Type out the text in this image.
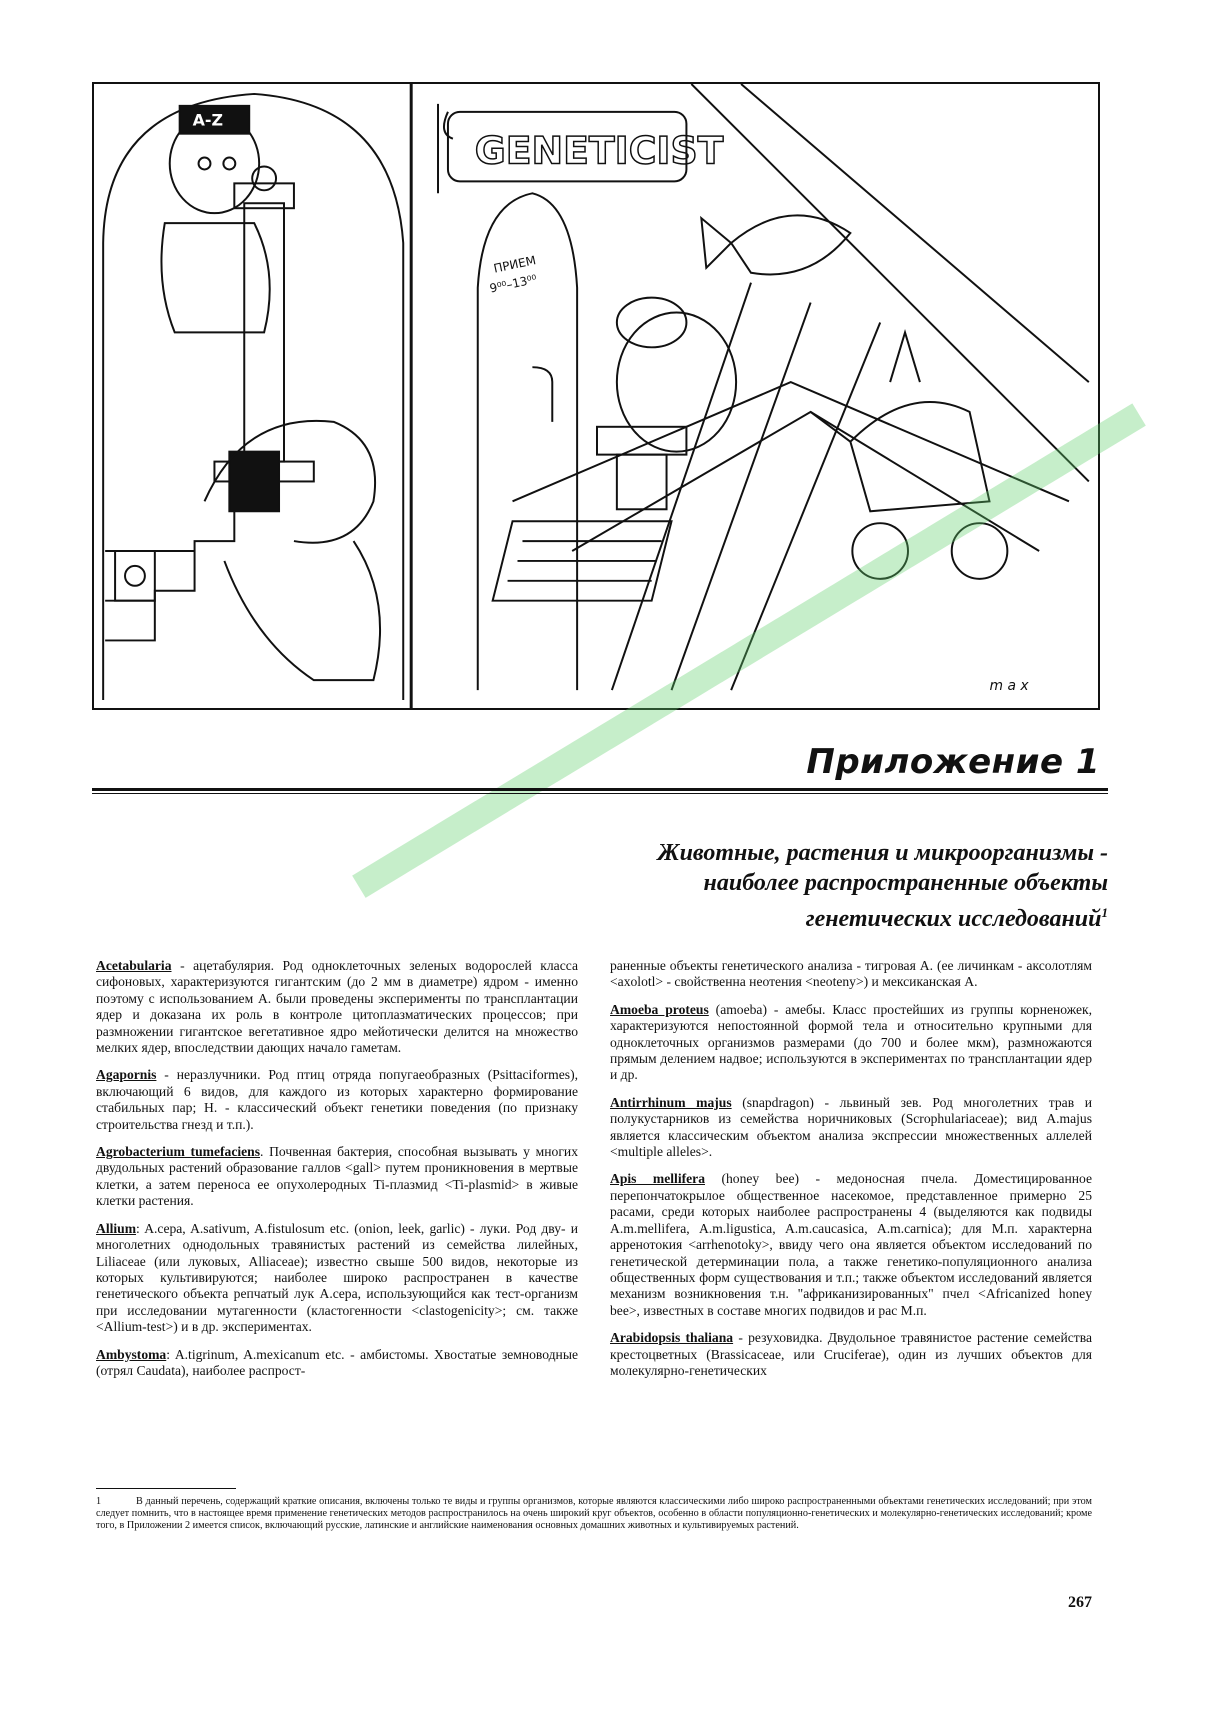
GENETICIST
A-Z
ПРИЕМ
9⁰⁰–13⁰⁰
m a x
Приложение 1
Животные, растения и микроорганизмы -
наиболее распространенные объекты
генетических исследований$^1$

Acetabularia - ацетабулярия. Род одноклеточных зеленых водорослей класса сифоновых, характеризуются гигантским (до 2 мм в диаметре) ядром - именно поэтому с использованием А. были проведены эксперименты по трансплантации ядер и доказана их роль в контроле цитоплазматических процессов; при размножении гигантское вегетативное ядро мейотически делится на множество мелких ядер, впоследствии дающих начало гаметам.

Agapornis - неразлучники. Род птиц отряда попугаеобразных (Psittaciformes), включающий 6 видов, для каждого из которых характерно формирование стабильных пар; Н. - классический объект генетики поведения (по признаку строительства гнезд и т.п.).

Agrobacterium tumefaciens. Почвенная бактерия, способная вызывать у многих двудольных растений образование галлов <gall> путем проникновения в мертвые клетки, а затем переноса ее опухолеродных Ti-плазмид <Ti-plasmid> в живые клетки растения.

Allium: A.cepa, A.sativum, A.fistulosum etc. (onion, leek, garlic) - луки. Род дву- и многолетних однодольных травянистых растений из семейства лилейных, Liliaceae (или луковых, Alliaceae); известно свыше 500 видов, некоторые из которых культивируются; наиболее широко распространен в качестве генетического объекта репчатый лук A.cepa, использующийся как тест-организм при исследовании мутагенности (кластогенности <clastogenicity>; см. также <Allium-test>) и в др. экспериментах.

Ambystoma: A.tigrinum, A.mexicanum etc. - амбистомы. Хвостатые земноводные (отрял Caudata), наиболее распрост-

раненные объекты генетического анализа - тигровая А. (ее личинкам - аксолотлям <axolotl> - свойственна неотения <neoteny>) и мексиканская А.

Amoeba proteus (amoeba) - амебы. Класс простейших из группы корненожек, характеризуются непостоянной формой тела и относительно крупными для одноклеточных организмов размерами (до 700 и более мкм), размножаются прямым делением надвое; используются в экспериментах по трансплантации ядер и др.

Antirrhinum majus (snapdragon) - львиный зев. Род многолетних трав и полукустарников из семейства норичниковых (Scrophulariaceae); вид A.majus является классическим объектом анализа экспрессии множественных аллелей <multiple alleles>.

Apis mellifera (honey bee) - медоносная пчела. Доместицированное перепончатокрылое общественное насекомое, представленное примерно 25 расами, среди которых наиболее распространены 4 (выделяются как подвиды A.m.mellifera, A.m.ligustica, A.m.caucasica, A.m.carnica); для М.п. характерна арренотокия <arrhenotoky>, ввиду чего она является объектом исследований по генетической детерминации пола, а также генетико-популяционного анализа общественных форм существования и т.п.; также объектом исследований является механизм возникновения т.н. "африканизированных" пчел <Africanized honey bee>, известных в составе многих подвидов и рас М.п.

Arabidopsis thaliana - резуховидка. Двудольное травянистое растение семейства крестоцветных (Brassicaceae, или Cruciferae), один из лучших объектов для молекулярно-генетических

1	В данный перечень, содержащий краткие описания, включены только те виды и группы организмов, которые являются классическими либо широко распространенными объектами генетических исследований; при этом следует помнить, что в настоящее время применение генетических методов распространилось на очень широкий круг объектов, особенно в области популяционно-генетических и молекулярно-генетических исследований; кроме того, в Приложении 2 имеется список, включающий русские, латинские и английские наименования основных домашних животных и культивируемых растений.
267
